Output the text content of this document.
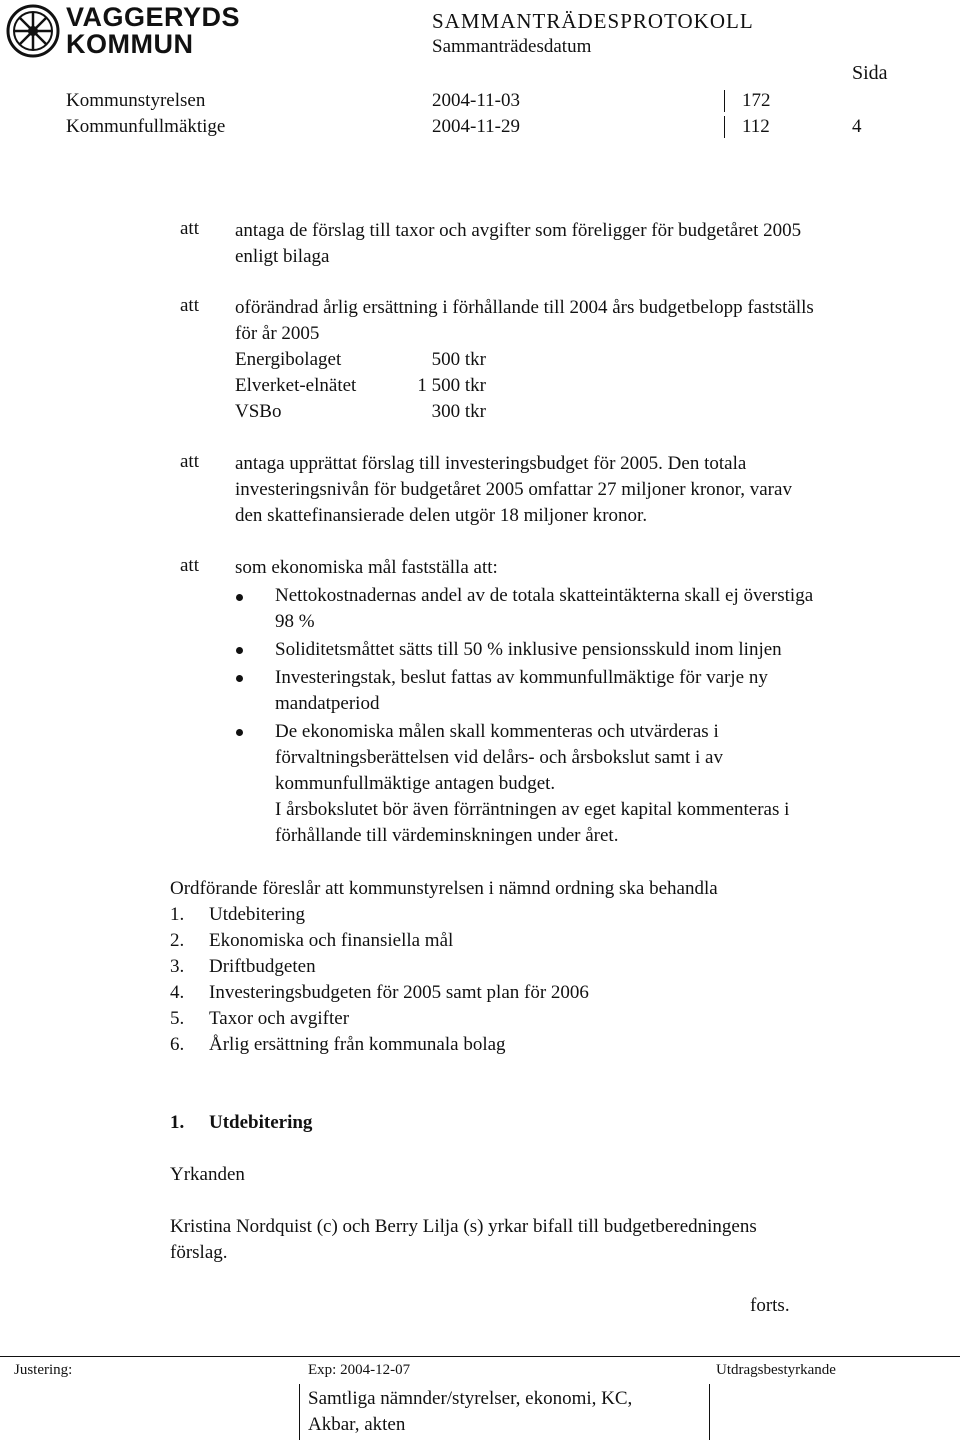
VAGGERYDS
KOMMUN
SAMMANTRÄDESPROTOKOLL
Sammanträdesdatum
Sida
Kommunstyrelsen	2004-11-03	172
Kommunfullmäktige	2004-11-29	112	4
att antaga de förslag till taxor och avgifter som föreligger för budgetåret 2005
enligt bilaga
att oförändrad årlig ersättning i förhållande till 2004 års budgetbelopp fastställs
för år 2005
Energibolaget	500 tkr
Elverket-elnätet	1 500 tkr
VSBo	300 tkr
att antaga upprättat förslag till investeringsbudget för 2005. Den totala
investeringsnivån för budgetåret 2005 omfattar 27 miljoner kronor, varav
den skattefinansierade delen utgör 18 miljoner kronor.
att som ekonomiska mål fastställa att:
Nettokostnadernas andel av de totala skatteintäkterna skall ej överstiga
98 %
Soliditetsmåttet sätts till 50 % inklusive pensionsskuld inom linjen
Investeringstak, beslut fattas av kommunfullmäktige för varje ny
mandatperiod
De ekonomiska målen skall kommenteras och utvärderas i
förvaltningsberättelsen vid delårs- och årsbokslut samt i av
kommunfullmäktige antagen budget.
I årsbokslutet bör även förräntningen av eget kapital kommenteras i
förhållande till värdeminskningen under året.
Ordförande föreslår att kommunstyrelsen i nämnd ordning ska behandla
1. Utdebitering
2. Ekonomiska och finansiella mål
3. Driftbudgeten
4. Investeringsbudgeten för 2005 samt plan för 2006
5. Taxor och avgifter
6. Årlig ersättning från kommunala bolag
1. Utdebitering
Yrkanden
Kristina Nordquist (c) och Berry Lilja (s) yrkar bifall till budgetberedningens
förslag.
forts.
Justering:	Exp: 2004-12-07	Utdragsbestyrkande
Samtliga nämnder/styrelser, ekonomi, KC,
Akbar, akten
